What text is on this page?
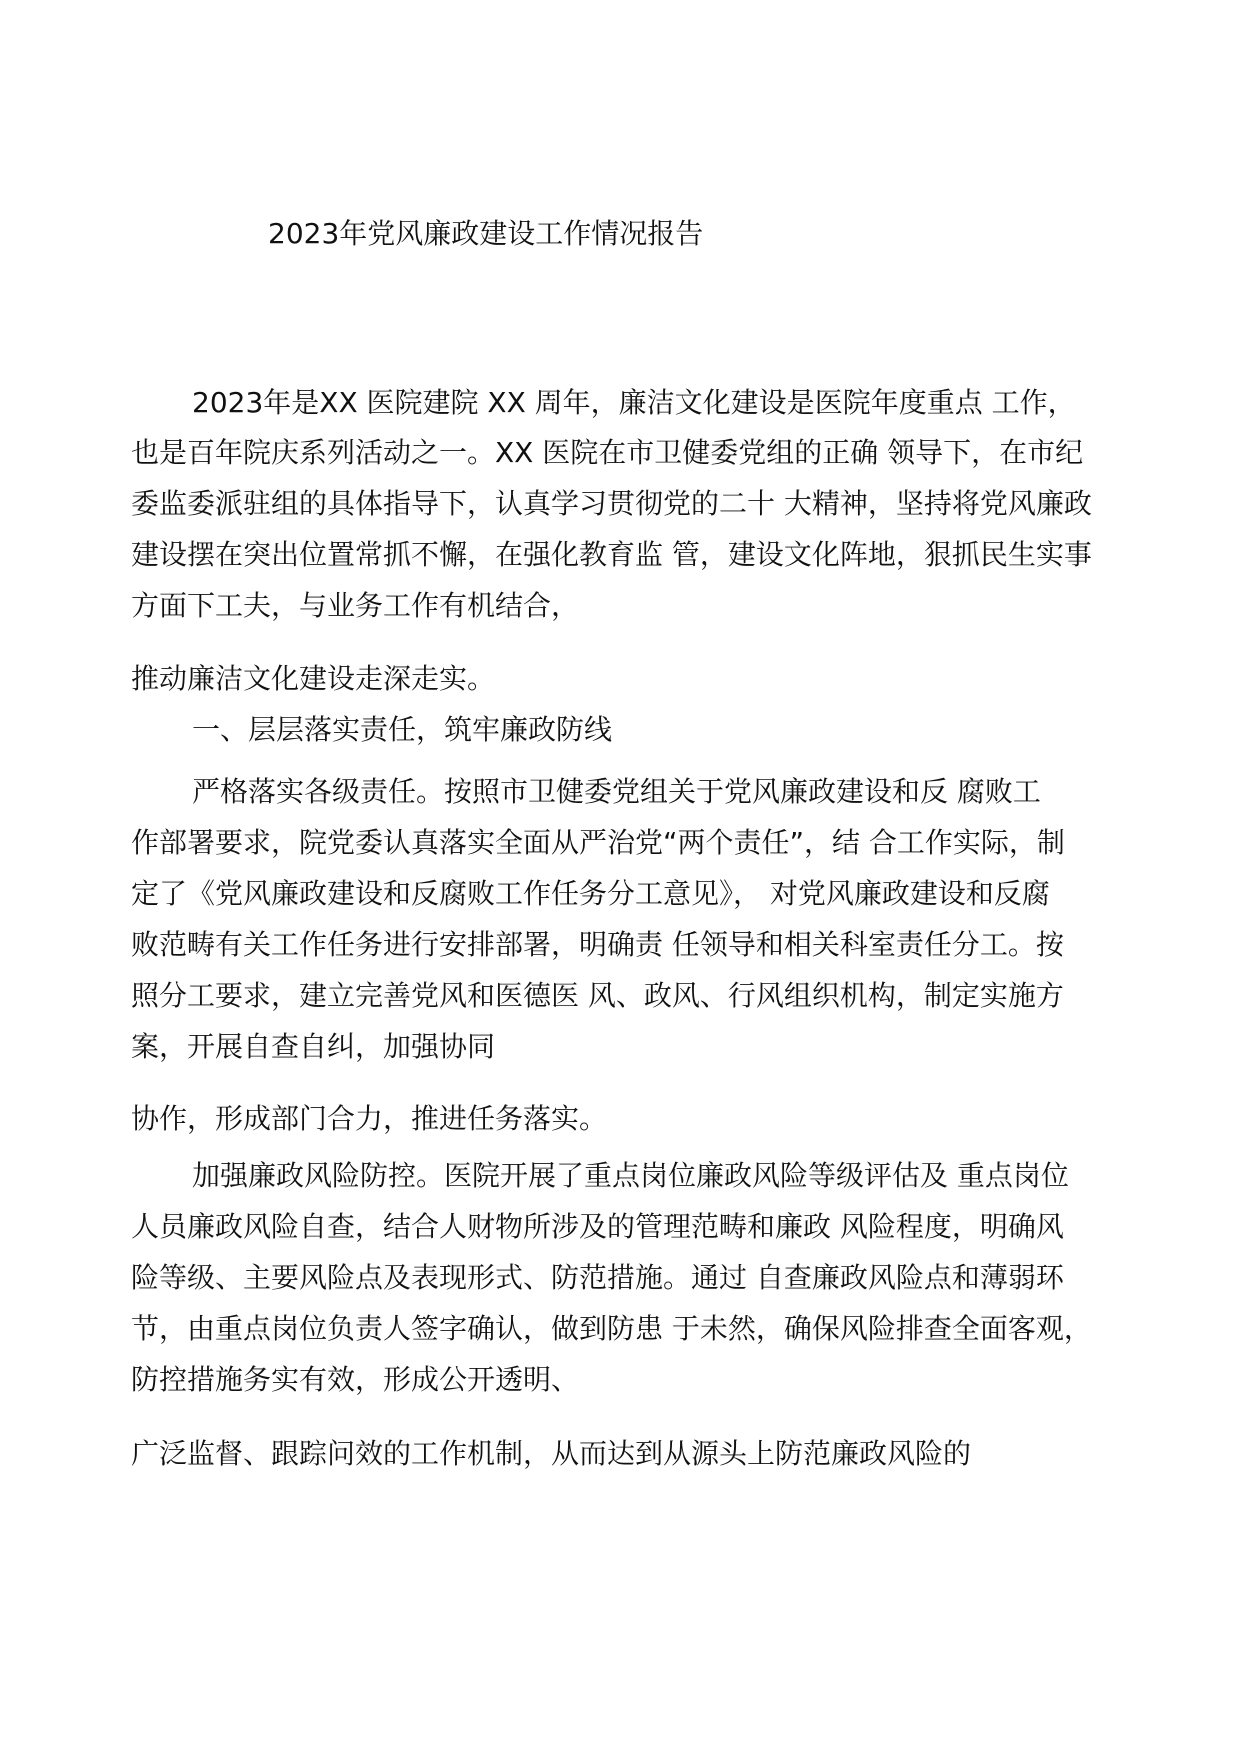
2023年党风廉政建设工作情况报告
2023年是XX 医院建院 XX 周年，廉洁文化建设是医院年度重点 工作，
也是百年院庆系列活动之一。XX 医院在市卫健委党组的正确 领导下，在市纪
委监委派驻组的具体指导下，认真学习贯彻党的二十 大精神，坚持将党风廉政
建设摆在突出位置常抓不懈，在强化教育监 管，建设文化阵地，狠抓民生实事
方面下工夫，与业务工作有机结合，
推动廉洁文化建设走深走实。
一、层层落实责任，筑牢廉政防线
严格落实各级责任。按照市卫健委党组关于党风廉政建设和反 腐败工
作部署要求，院党委认真落实全面从严治党“两个责任”，结 合工作实际，制
定了《党风廉政建设和反腐败工作任务分工意见》， 对党风廉政建设和反腐
败范畴有关工作任务进行安排部署，明确责 任领导和相关科室责任分工。按
照分工要求，建立完善党风和医德医 风、政风、行风组织机构，制定实施方
案，开展自查自纠，加强协同
协作，形成部门合力，推进任务落实。
加强廉政风险防控。医院开展了重点岗位廉政风险等级评估及 重点岗位
人员廉政风险自查，结合人财物所涉及的管理范畴和廉政 风险程度，明确风
险等级、主要风险点及表现形式、防范措施。通过 自查廉政风险点和薄弱环
节，由重点岗位负责人签字确认，做到防患 于未然，确保风险排查全面客观，
防控措施务实有效，形成公开透明、
广泛监督、跟踪问效的工作机制，从而达到从源头上防范廉政风险的
